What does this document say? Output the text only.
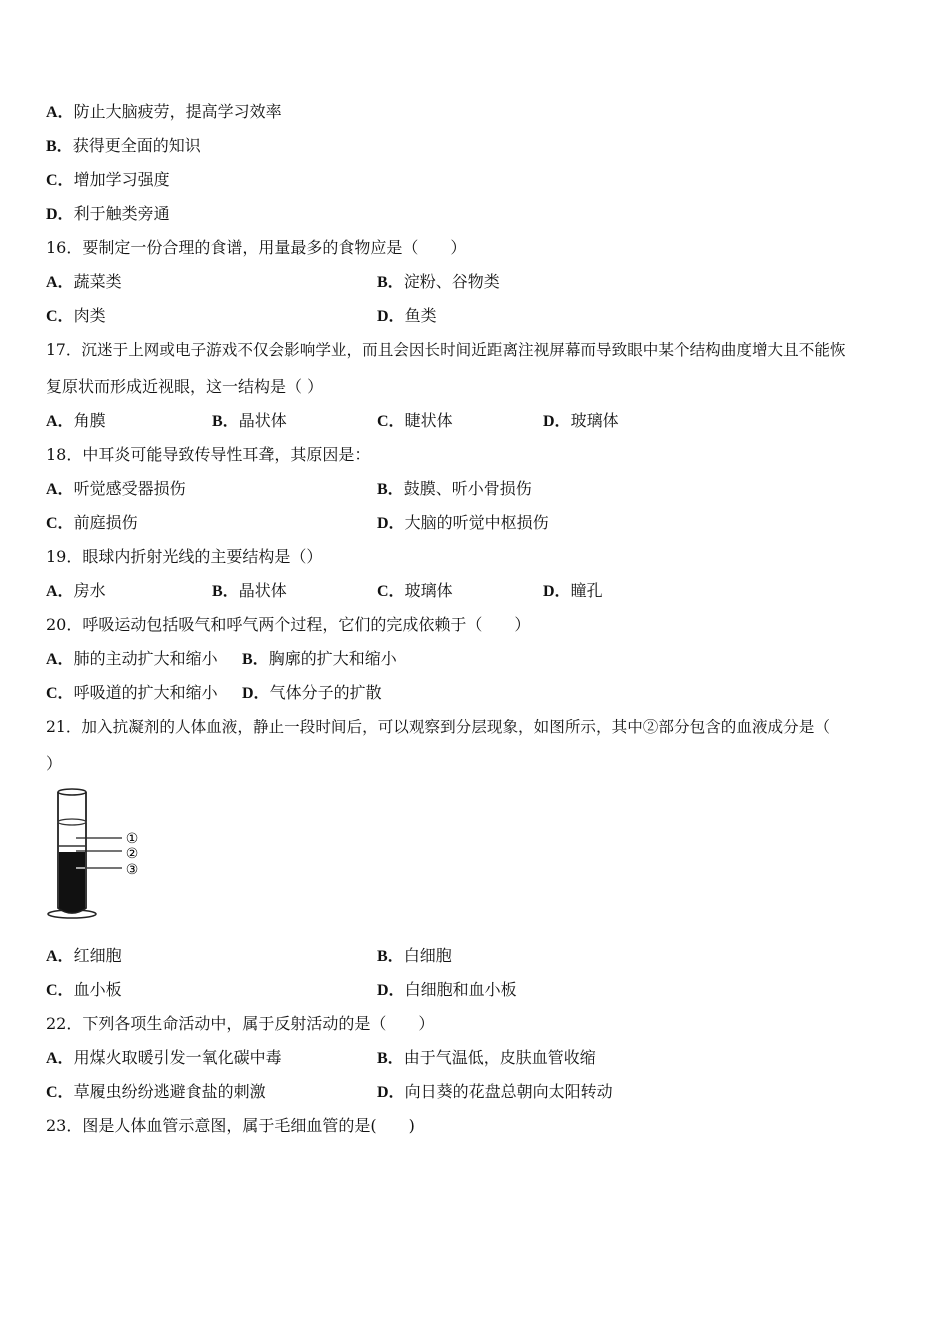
A．防止大脑疲劳，提高学习效率
B．获得更全面的知识
C．增加学习强度
D．利于触类旁通
16．要制定一份合理的食谱，用量最多的食物应是（　　）
A．蔬菜类	B．淀粉、谷物类
C．肉类	D．鱼类
17．沉迷于上网或电子游戏不仅会影响学业，而且会因长时间近距离注视屏幕而导致眼中某个结构曲度增大且不能恢
复原状而形成近视眼，这一结构是（ ）
A．角膜	B．晶状体	C．睫状体	D．玻璃体
18．中耳炎可能导致传导性耳聋，其原因是：
A．听觉感受器损伤	B．鼓膜、听小骨损伤
C．前庭损伤	D．大脑的听觉中枢损伤
19．眼球内折射光线的主要结构是（）
A．房水	B．晶状体	C．玻璃体	D．瞳孔
20．呼吸运动包括吸气和呼气两个过程，它们的完成依赖于（　　）
A．肺的主动扩大和缩小 B．胸廓的扩大和缩小
C．呼吸道的扩大和缩小 D．气体分子的扩散
21．加入抗凝剂的人体血液，静止一段时间后，可以观察到分层现象，如图所示，其中②部分包含的血液成分是（
）
①
②
③
A．红细胞	B．白细胞
C．血小板	D．白细胞和血小板
22．下列各项生命活动中，属于反射活动的是（　　）
A．用煤火取暖引发一氧化碳中毒	B．由于气温低，皮肤血管收缩
C．草履虫纷纷逃避食盐的刺激	D．向日葵的花盘总朝向太阳转动
23．图是人体血管示意图，属于毛细血管的是(　　)
